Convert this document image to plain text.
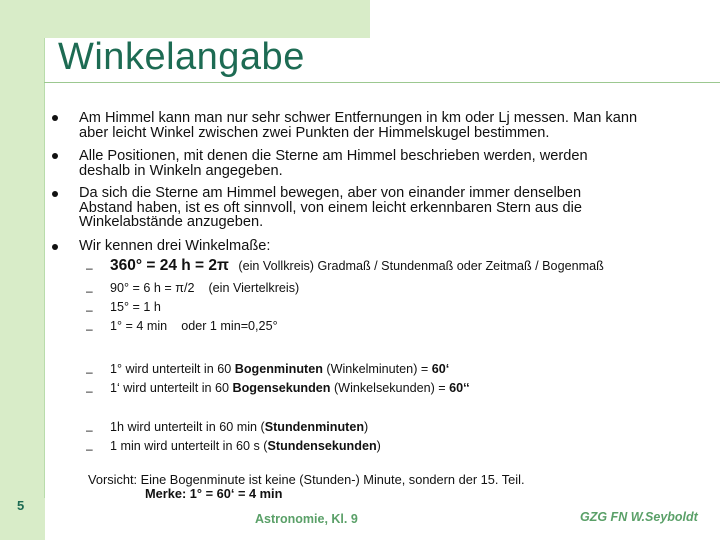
Winkelangabe
Am Himmel kann man nur sehr schwer Entfernungen in km oder Lj messen. Man kann
aber leicht Winkel zwischen zwei Punkten der Himmelskugel bestimmen.
Alle Positionen, mit denen die Sterne am Himmel beschrieben werden, werden
deshalb in Winkeln angegeben.
Da sich die Sterne am Himmel bewegen, aber von einander immer denselben
Abstand haben, ist es oft sinnvoll, von einem leicht erkennbaren Stern aus die
Winkelabstände anzugeben.
Wir kennen drei Winkelmaße:
– 360° = 24 h = 2π (ein Vollkreis) Gradmaß / Stundenmaß oder Zeitmaß / Bogenmaß
– 90° = 6 h = π/2 (ein Viertelkreis)
– 15° = 1 h
– 1° = 4 min oder 1 min=0,25°
– 1° wird unterteilt in 60 Bogenminuten (Winkelminuten) = 60‘
– 1‘ wird unterteilt in 60 Bogensekunden (Winkelsekunden) = 60‘‘
– 1h wird unterteilt in 60 min (Stundenminuten)
– 1 min wird unterteilt in 60 s (Stundensekunden)
Vorsicht: Eine Bogenminute ist keine (Stunden-) Minute, sondern der 15. Teil.
Merke: 1° = 60‘ = 4 min
5
Astronomie, Kl. 9	GZG FN W.Seyboldt
